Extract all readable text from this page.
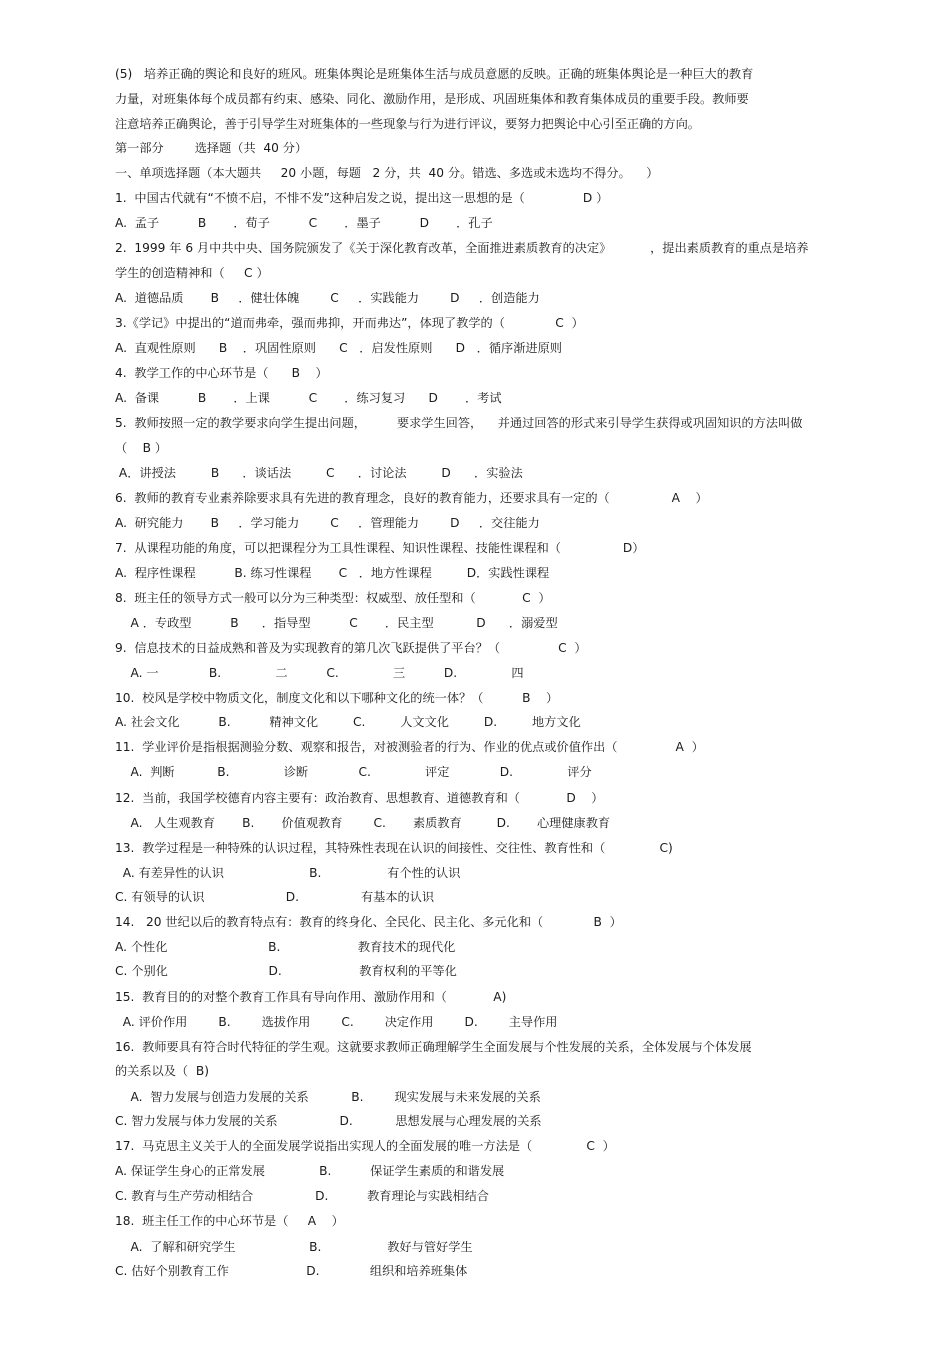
(5)   培养正确的舆论和良好的班风。班集体舆论是班集体生活与成员意愿的反映。正确的班集体舆论是一种巨大的教育
力量，对班集体每个成员都有约束、感染、同化、激励作用，是形成、巩固班集体和教育集体成员的重要手段。教师要
注意培养正确舆论，善于引导学生对班集体的一些现象与行为进行评议，要努力把舆论中心引至正确的方向。
第一部分        选择题（共  40 分）
一、单项选择题（本大题共     20 小题，每题   2 分，共  40 分。错选、多选或未选均不得分。    ）
1.  中国古代就有“不愤不启，不悱不发”这种启发之说，提出这一思想的是（               D ）
A.  孟子          B       ．荀子          C       ．墨子          D       ．孔子
2.  1999 年 6 月中共中央、国务院颁发了《关于深化教育改革，全面推进素质教育的决定》          ，提出素质教育的重点是培养
学生的创造精神和（     C ）
A.  道德品质       B     ．健壮体魄        C     ．实践能力        D     ．创造能力
3.《学记》中提出的“道而弗牵，强而弗抑，开而弗达”，体现了教学的（             C  ）
A.  直观性原则      B    ．巩固性原则      C   ．启发性原则      D   ．循序渐进原则
4.  教学工作的中心环节是（      B    ）
A.  备课          B       ．上课          C       ．练习复习      D       ．考试
5.  教师按照一定的教学要求向学生提出问题，        要求学生回答，    并通过回答的形式来引导学生获得或巩固知识的方法叫做
（    B ）
A．讲授法         B      ．谈话法         C      ．讨论法         D      ．实验法
6.  教师的教育专业素养除要求具有先进的教育理念，良好的教育能力，还要求具有一定的（                A    ）
A.  研究能力       B     ．学习能力        C     ．管理能力        D     ．交往能力
7.  从课程功能的角度，可以把课程分为工具性课程、知识性课程、技能性课程和（                D）
A.  程序性课程          B. 练习性课程       C   ．地方性课程         D．实践性课程
8.  班主任的领导方式一般可以分为三种类型：权威型、放任型和（            C  ）
A ．专政型          B      ．指导型          C       ．民主型           D      ．溺爱型
9.  信息技术的日益成熟和普及为实现教育的第几次飞跃提供了平台？（               C  ）
A. 一             B.              二          C.              三          D.              四
10.  校风是学校中物质文化，制度文化和以下哪种文化的统一体？（          B    ）
A. 社会文化          B.          精神文化         C.         人文文化         D.         地方文化
11.  学业评价是指根据测验分数、观察和报告，对被测验者的行为、作业的优点或价值作出（               A  ）
A.  判断           B.              诊断             C.              评定             D.              评分
12.  当前，我国学校德育内容主要有：政治教育、思想教育、道德教育和（            D    ）
A.   人生观教育       B.       价值观教育        C.       素质教育         D.       心理健康教育
13.  教学过程是一种特殊的认识过程，其特殊性表现在认识的间接性、交往性、教育性和（              C)
A. 有差异性的认识                      B.                 有个性的认识
C. 有领导的认识                     D.                有基本的认识
14.   20 世纪以后的教育特点有：教育的终身化、全民化、民主化、多元化和（             B  ）
A. 个性化                          B.                    教育技术的现代化
C. 个别化                          D.                    教育权利的平等化
15.  教育目的的对整个教育工作具有导向作用、激励作用和（            A)
A. 评价作用        B.        选拔作用        C.        决定作用        D.        主导作用
16.  教师要具有符合时代特征的学生观。这就要求教师正确理解学生全面发展与个性发展的关系，全体发展与个体发展
的关系以及（  B)
A.  智力发展与创造力发展的关系           B.        现实发展与未来发展的关系
C. 智力发展与体力发展的关系                D.           思想发展与心理发展的关系
17.  马克思主义关于人的全面发展学说指出实现人的全面发展的唯一方法是（              C  ）
A. 保证学生身心的正常发展              B.          保证学生素质的和谐发展
C. 教育与生产劳动相结合                D.          教育理论与实践相结合
18.  班主任工作的中心环节是（     A    ）
A.  了解和研究学生                   B.                 教好与管好学生
C. 估好个别教育工作                    D.             组织和培养班集体
